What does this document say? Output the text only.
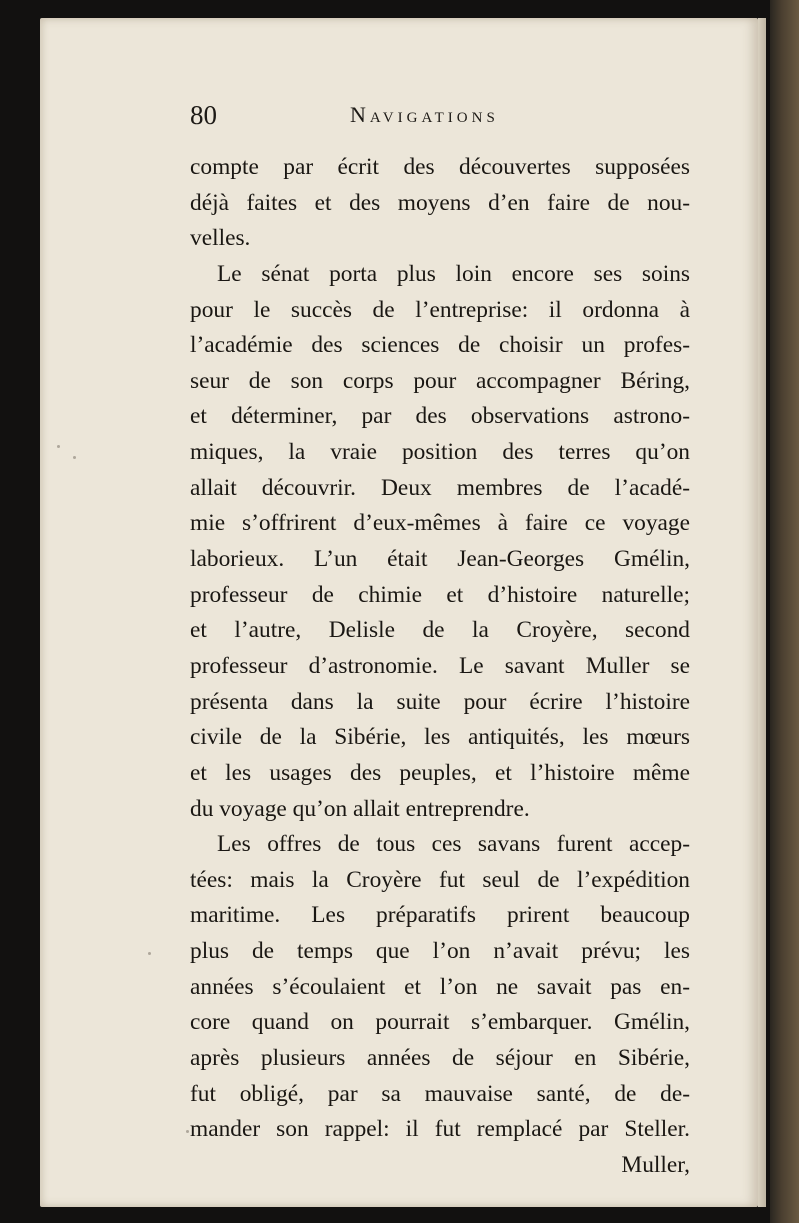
80	Navigations
compte par écrit des découvertes supposées
déjà faites et des moyens d’en faire de nou-
velles.
Le sénat porta plus loin encore ses soins
pour le succès de l’entreprise: il ordonna à
l’académie des sciences de choisir un profes-
seur de son corps pour accompagner Béring,
et déterminer, par des observations astrono-
miques, la vraie position des terres qu’on
allait découvrir. Deux membres de l’acadé-
mie s’offrirent d’eux-mêmes à faire ce voyage
laborieux. L’un était Jean-Georges Gmélin,
professeur de chimie et d’histoire naturelle;
et l’autre, Delisle de la Croyère, second
professeur d’astronomie. Le savant Muller se
présenta dans la suite pour écrire l’histoire
civile de la Sibérie, les antiquités, les mœurs
et les usages des peuples, et l’histoire même
du voyage qu’on allait entreprendre.
Les offres de tous ces savans furent accep-
tées: mais la Croyère fut seul de l’expédition
maritime. Les préparatifs prirent beaucoup
plus de temps que l’on n’avait prévu; les
années s’écoulaient et l’on ne savait pas en-
core quand on pourrait s’embarquer. Gmélin,
après plusieurs années de séjour en Sibérie,
fut obligé, par sa mauvaise santé, de de-
mander son rappel: il fut remplacé par Steller.
Muller,
